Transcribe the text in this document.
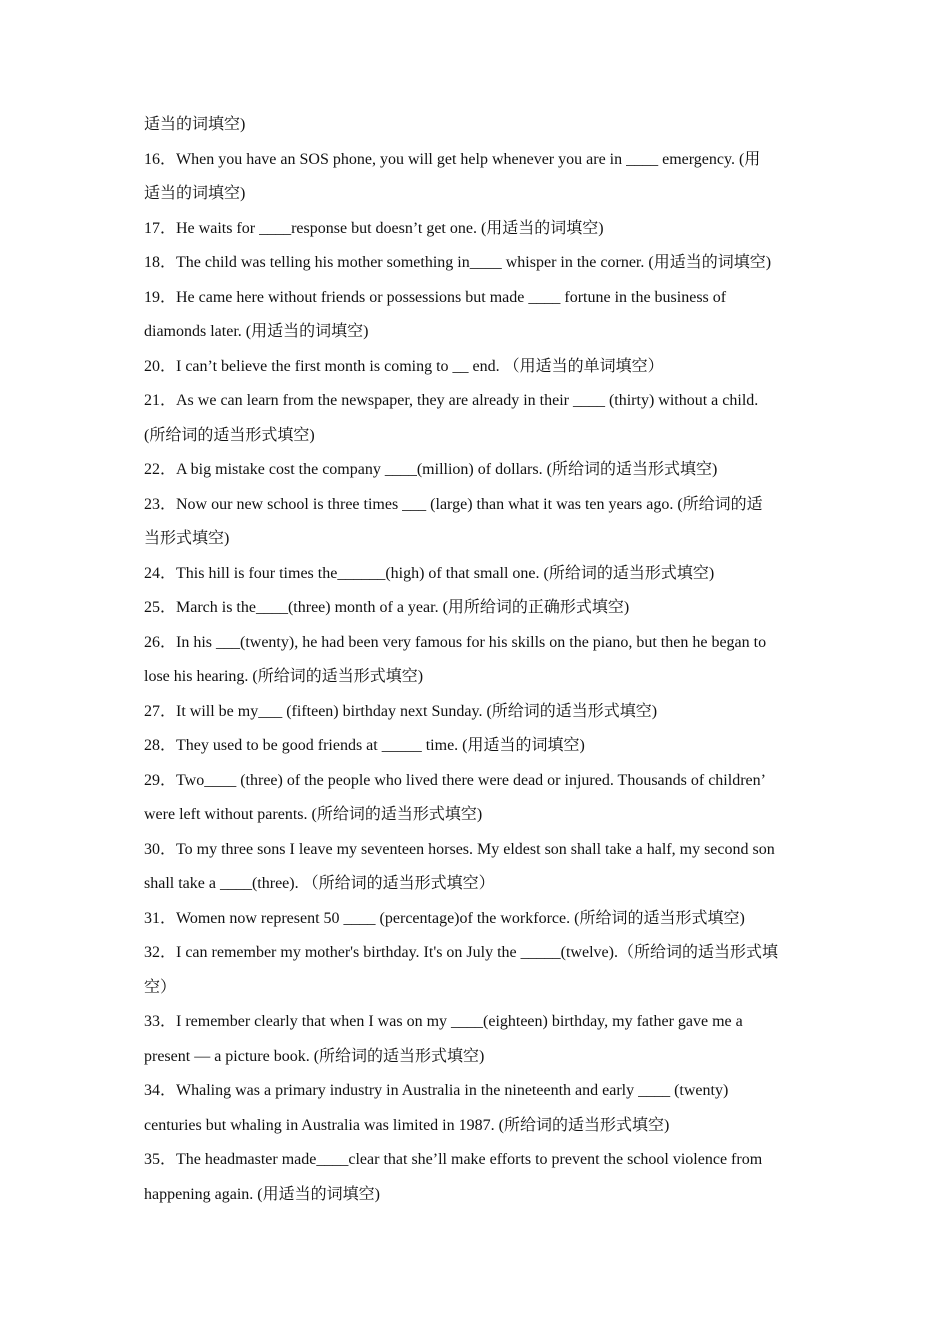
适当的词填空)
16．When you have an SOS phone, you will get help whenever you are in ____ emergency. (用
适当的词填空)
17．He waits for ____response but doesn’t get one. (用适当的词填空)
18．The child was telling his mother something in____ whisper in the corner. (用适当的词填空)
19．He came here without friends or possessions but made ____ fortune in the business of
diamonds later. (用适当的词填空)
20．I can’t believe the first month is coming to __ end. （用适当的单词填空）
21．As we can learn from the newspaper, they are already in their ____ (thirty) without a child.
(所给词的适当形式填空)
22．A big mistake cost the company ____(million) of dollars. (所给词的适当形式填空)
23．Now our new school is three times ___ (large) than what it was ten years ago. (所给词的适
当形式填空)
24．This hill is four times the______(high) of that small one. (所给词的适当形式填空)
25．March is the____(three) month of a year. (用所给词的正确形式填空)
26．In his ___(twenty), he had been very famous for his skills on the piano, but then he began to
lose his hearing. (所给词的适当形式填空)
27．It will be my___ (fifteen) birthday next Sunday. (所给词的适当形式填空)
28．They used to be good friends at _____ time. (用适当的词填空)
29．Two____ (three) of the people who lived there were dead or injured. Thousands of children’
were left without parents. (所给词的适当形式填空)
30．To my three sons I leave my seventeen horses. My eldest son shall take a half, my second son
shall take a ____(three). （所给词的适当形式填空）
31．Women now represent 50 ____ (percentage)of the workforce. (所给词的适当形式填空)
32．I can remember my mother's birthday. It's on July the _____(twelve).（所给词的适当形式填
空）
33．I remember clearly that when I was on my ____(eighteen) birthday, my father gave me a
present — a picture book. (所给词的适当形式填空)
34．Whaling was a primary industry in Australia in the nineteenth and early ____ (twenty)
centuries but whaling in Australia was limited in 1987. (所给词的适当形式填空)
35．The headmaster made____clear that she’ll make efforts to prevent the school violence from
happening again. (用适当的词填空)
